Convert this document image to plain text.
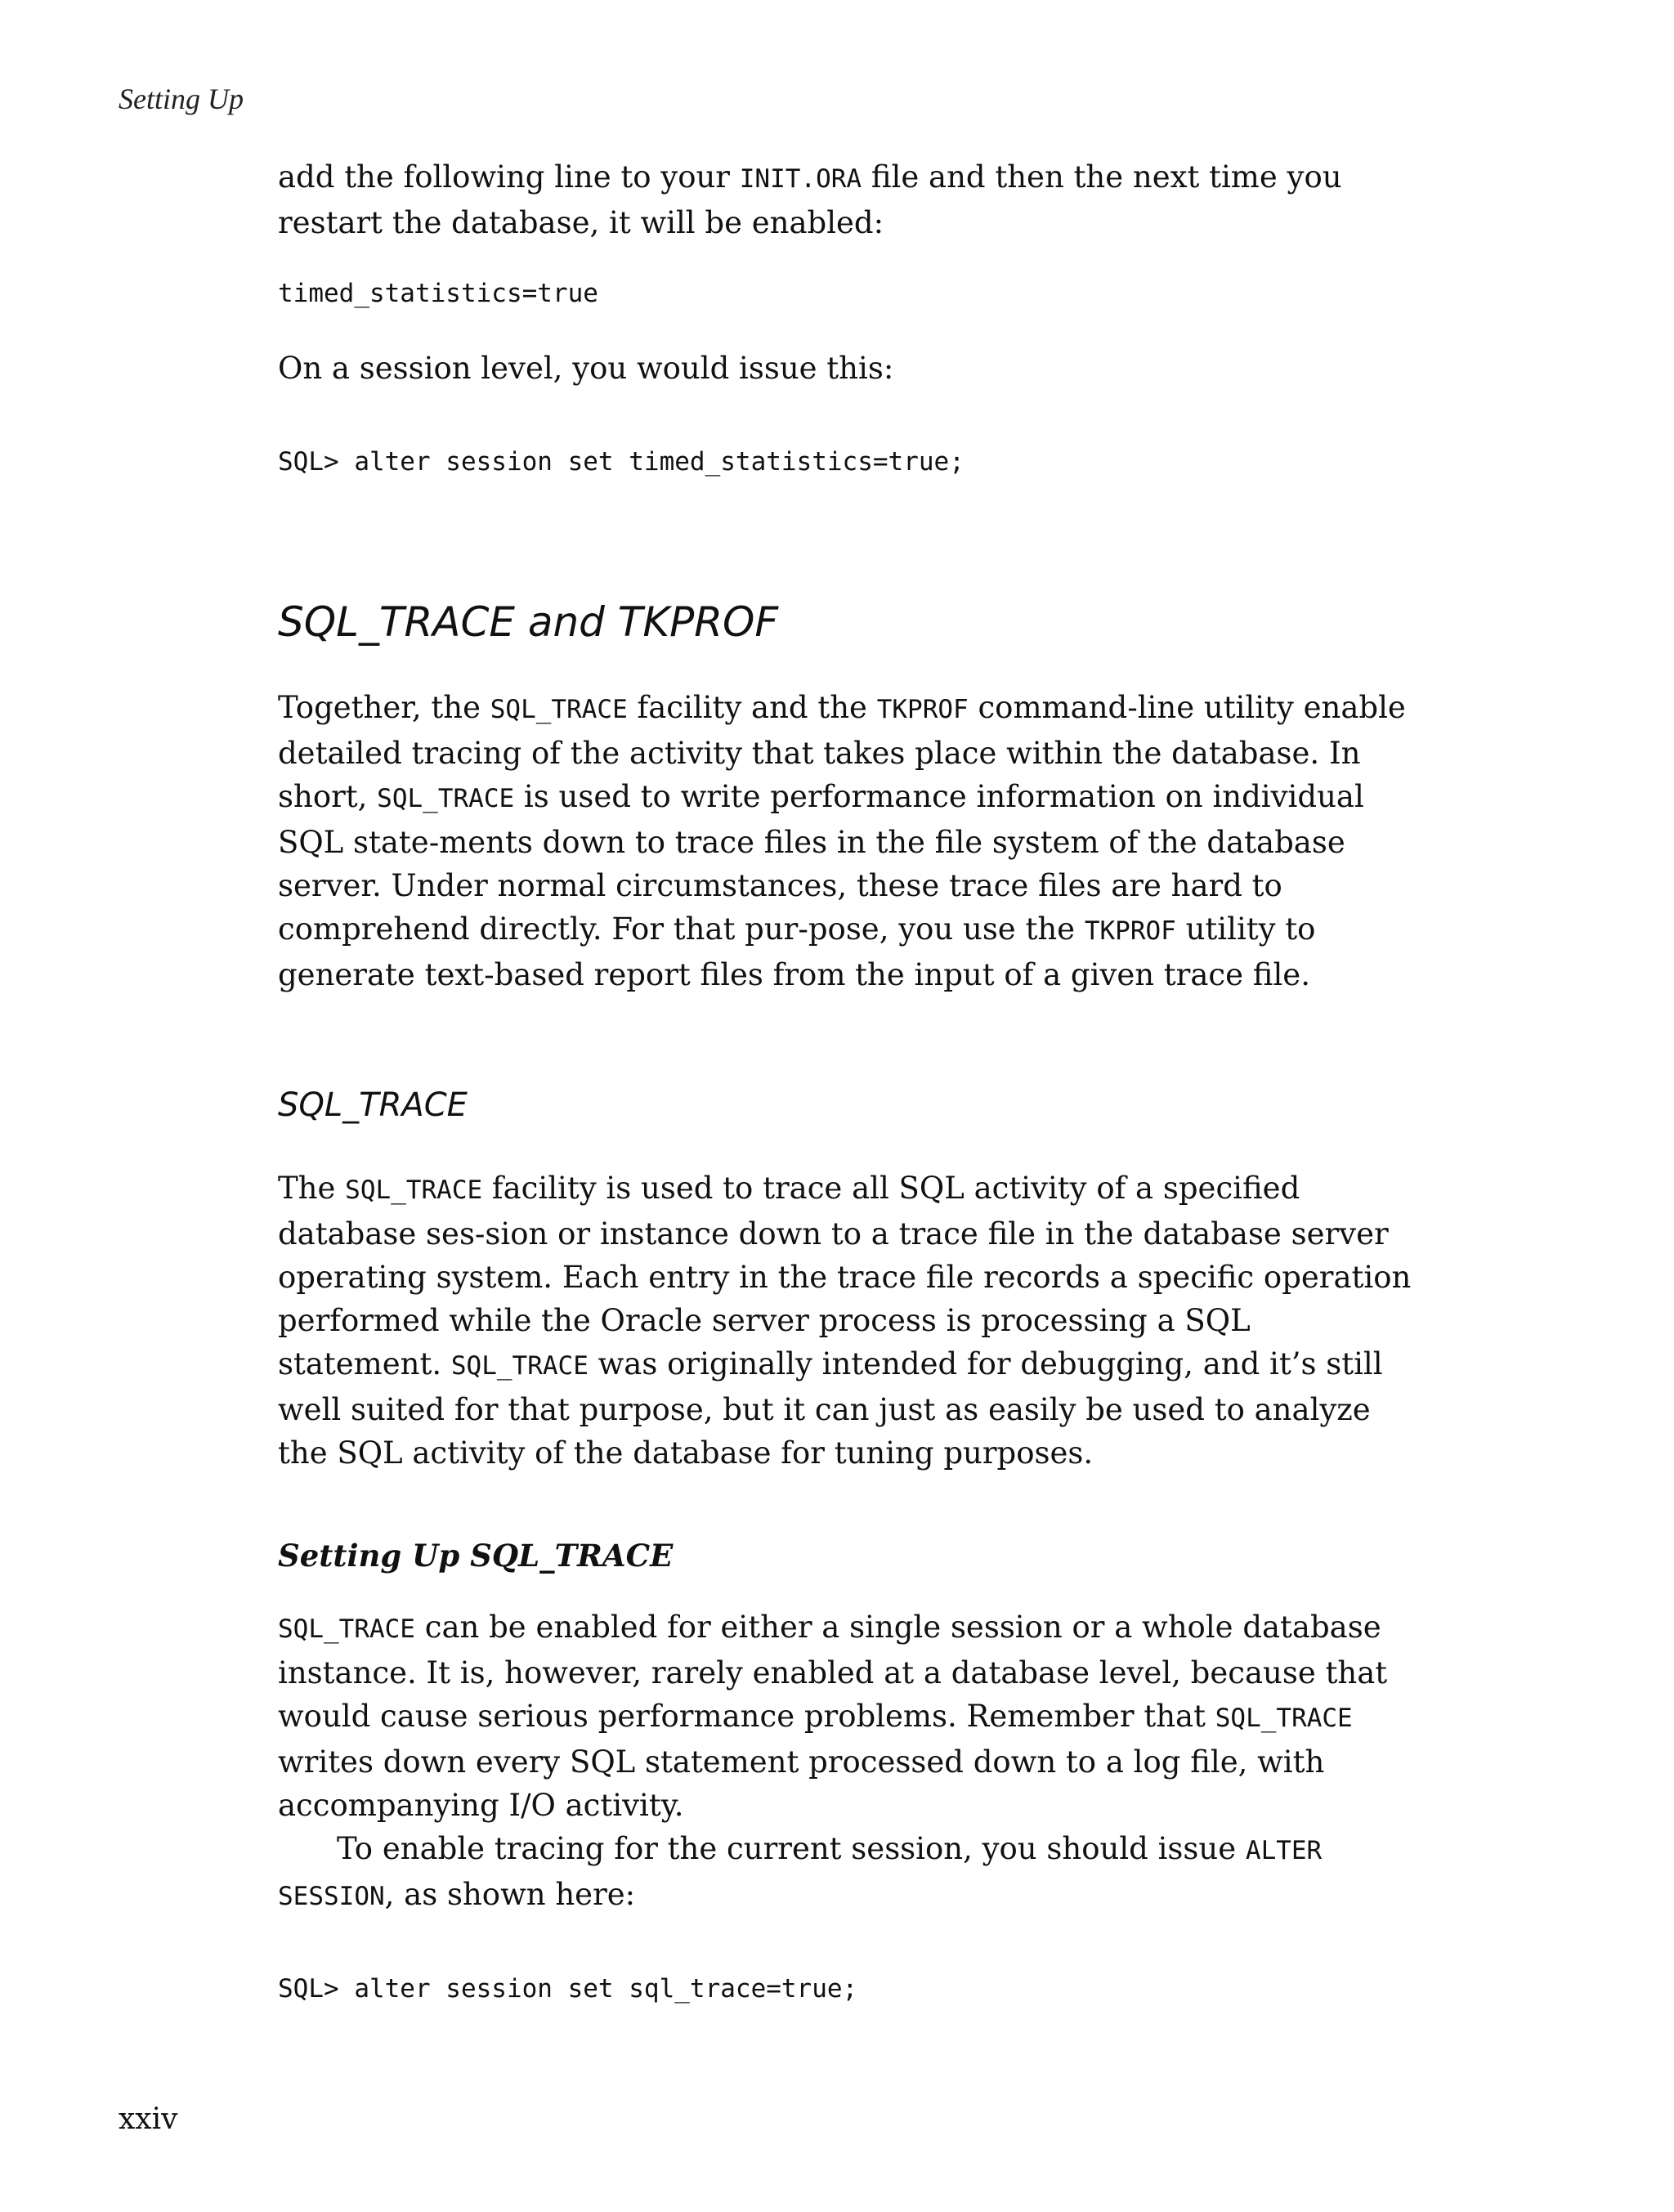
Setting Up

add the following line to your INIT.ORA file and then the next time you restart the database, it will be enabled:

timed_statistics=true

On a session level, you would issue this:

SQL> alter session set timed_statistics=true;
SQL_TRACE and TKPROF

Together, the SQL_TRACE facility and the TKPROF command-line utility enable detailed tracing of the activity that takes place within the database. In short, SQL_TRACE is used to write performance information on individual SQL state-ments down to trace files in the file system of the database server. Under normal circumstances, these trace files are hard to comprehend directly. For that pur-pose, you use the TKPROF utility to generate text-based report files from the input of a given trace file.

SQL_TRACE

The SQL_TRACE facility is used to trace all SQL activity of a specified database ses-sion or instance down to a trace file in the database server operating system. Each entry in the trace file records a specific operation performed while the Oracle server process is processing a SQL statement. SQL_TRACE was originally intended for debugging, and it’s still well suited for that purpose, but it can just as easily be used to analyze the SQL activity of the database for tuning purposes.

Setting Up SQL_TRACE

SQL_TRACE can be enabled for either a single session or a whole database instance. It is, however, rarely enabled at a database level, because that would cause serious performance problems. Remember that SQL_TRACE writes down every SQL statement processed down to a log file, with accompanying I/O activity.

To enable tracing for the current session, you should issue ALTER SESSION, as shown here:

SQL> alter session set sql_trace=true;
xxiv
